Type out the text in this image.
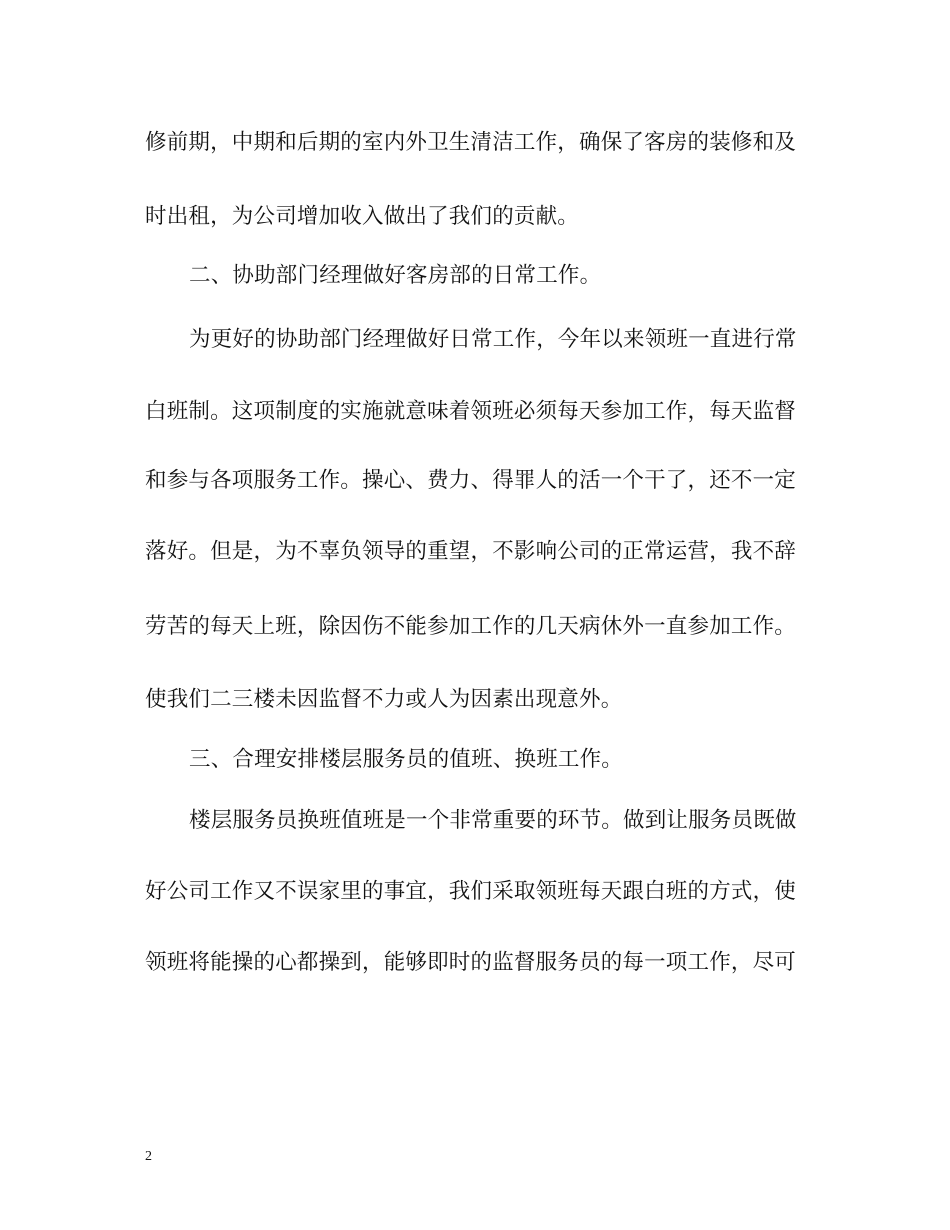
修前期，中期和后期的室内外卫生清洁工作，确保了客房的装修和及
时出租，为公司增加收入做出了我们的贡献。
二、协助部门经理做好客房部的日常工作。
为更好的协助部门经理做好日常工作，今年以来领班一直进行常
白班制。这项制度的实施就意味着领班必须每天参加工作，每天监督
和参与各项服务工作。操心、费力、得罪人的活一个干了，还不一定
落好。但是，为不辜负领导的重望，不影响公司的正常运营，我不辞
劳苦的每天上班，除因伤不能参加工作的几天病休外一直参加工作。
使我们二三楼未因监督不力或人为因素出现意外。
三、合理安排楼层服务员的值班、换班工作。
楼层服务员换班值班是一个非常重要的环节。做到让服务员既做
好公司工作又不误家里的事宜，我们采取领班每天跟白班的方式，使
领班将能操的心都操到，能够即时的监督服务员的每一项工作，尽可
2
